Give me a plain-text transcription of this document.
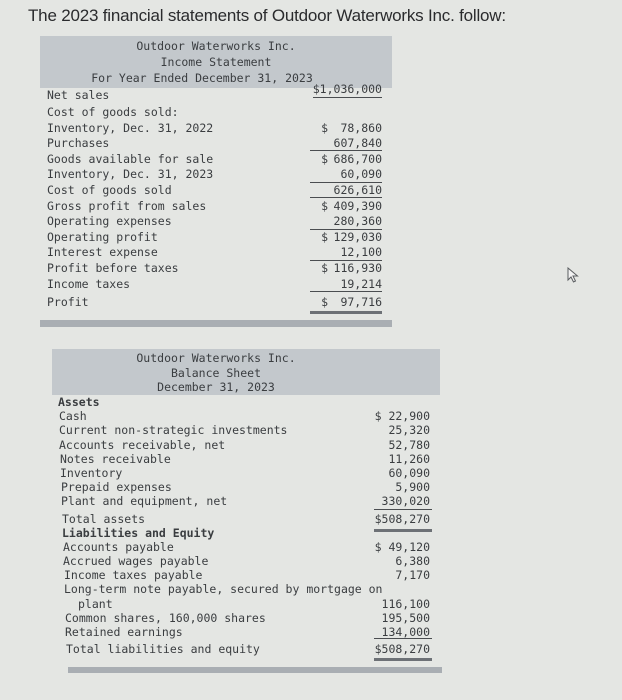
The 2023 financial statements of Outdoor Waterworks Inc. follow:
Outdoor Waterworks Inc.
Income Statement
For Year Ended December 31, 2023
Net sales	$1,036,000
Cost of goods sold:
Inventory, Dec. 31, 2022	$ 78,860
Purchases	607,840
Goods available for sale	$ 686,700
Inventory, Dec. 31, 2023	60,090
Cost of goods sold	626,610
Gross profit from sales	$ 409,390
Operating expenses	280,360
Operating profit	$ 129,030
Interest expense	12,100
Profit before taxes	$ 116,930
Income taxes	19,214
Profit	$ 97,716
Outdoor Waterworks Inc.
Balance Sheet
December 31, 2023
Assets
Cash	$ 22,900
Current non-strategic investments	25,320
Accounts receivable, net	52,780
Notes receivable	11,260
Inventory	60,090
Prepaid expenses	5,900
Plant and equipment, net	330,020
Total assets	$508,270
Liabilities and Equity
Accounts payable	$ 49,120
Accrued wages payable	6,380
Income taxes payable	7,170
Long-term note payable, secured by mortgage on
plant	116,100
Common shares, 160,000 shares	195,500
Retained earnings	134,000
Total liabilities and equity	$508,270
